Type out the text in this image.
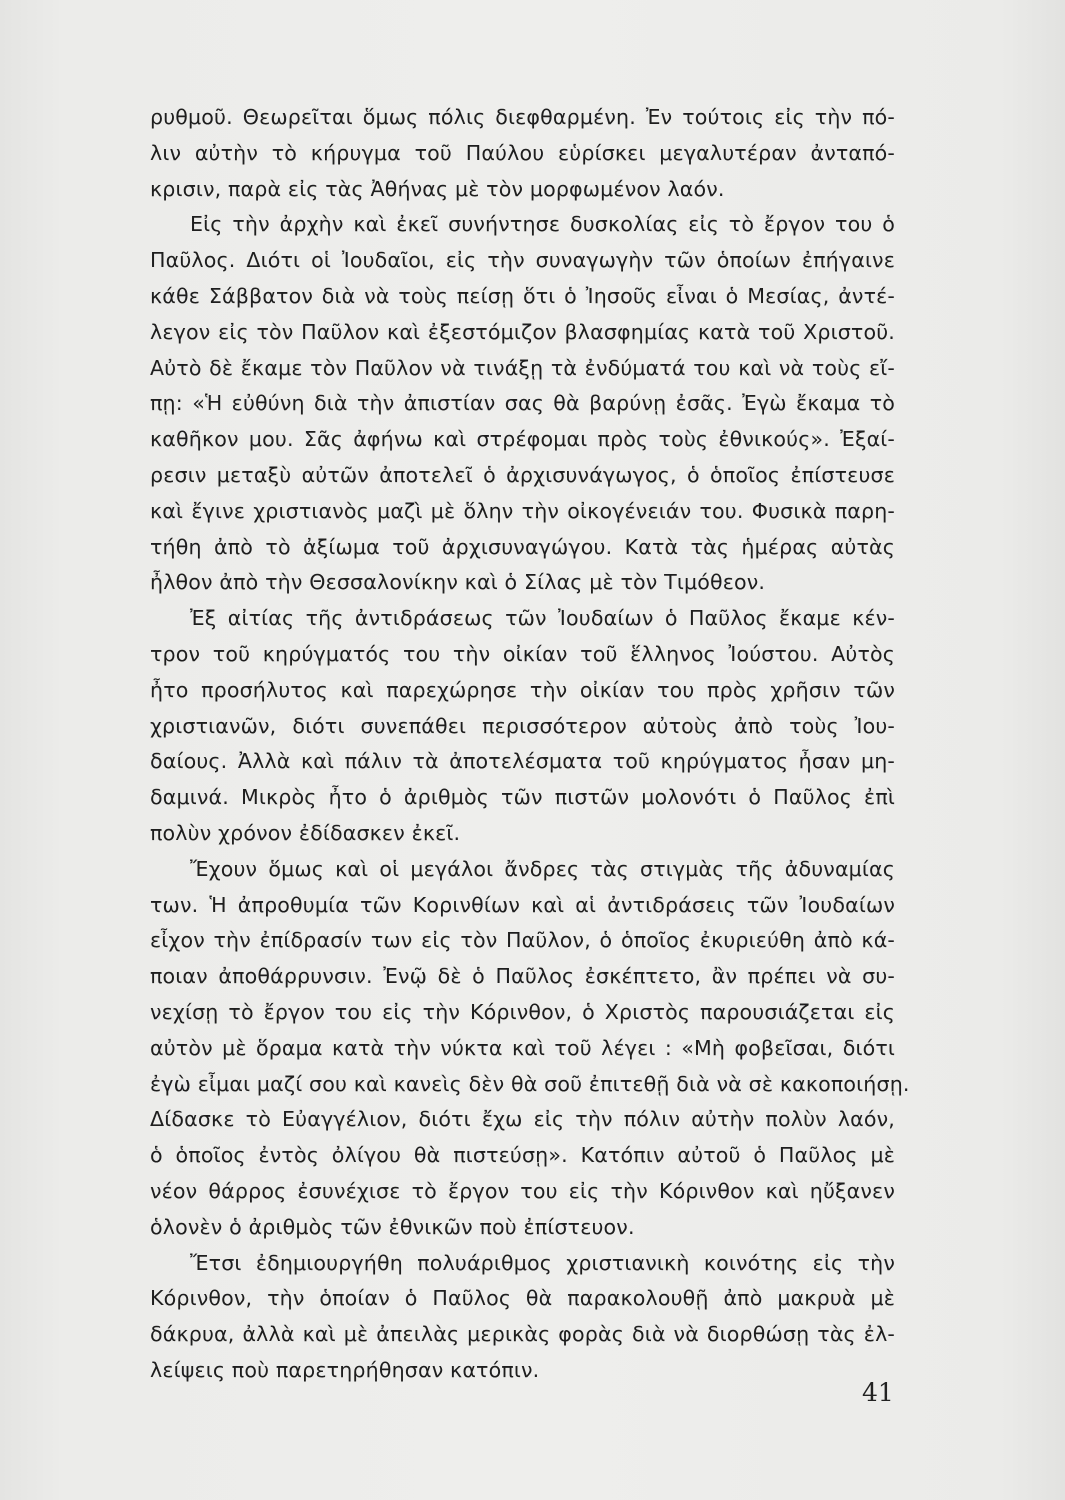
ρυθμοῦ. Θεωρεῖται ὅμως πόλις διεφθαρμένη. Ἐν τούτοις εἰς τὴν πό-
λιν αὐτὴν τὸ κήρυγμα τοῦ Παύλου εὑρίσκει μεγαλυτέραν ἀνταπό-
κρισιν, παρὰ εἰς τὰς Ἀθήνας μὲ τὸν μορφωμένον λαόν.
Εἰς τὴν ἀρχὴν καὶ ἐκεῖ συνήντησε δυσκολίας εἰς τὸ ἔργον του ὁ
Παῦλος. Διότι οἱ Ἰουδαῖοι, εἰς τὴν συναγωγὴν τῶν ὁποίων ἐπήγαινε
κάθε Σάββατον διὰ νὰ τοὺς πείσῃ ὅτι ὁ Ἰησοῦς εἶναι ὁ Μεσίας, ἀντέ-
λεγον εἰς τὸν Παῦλον καὶ ἐξεστόμιζον βλασφημίας κατὰ τοῦ Χριστοῦ.
Αὐτὸ δὲ ἔκαμε τὸν Παῦλον νὰ τινάξῃ τὰ ἐνδύματά του καὶ νὰ τοὺς εἴ-
πῃ: «Ἡ εὐθύνη διὰ τὴν ἀπιστίαν σας θὰ βαρύνῃ ἐσᾶς. Ἐγὼ ἔκαμα τὸ
καθῆκον μου. Σᾶς ἀφήνω καὶ στρέφομαι πρὸς τοὺς ἐθνικούς». Ἐξαί-
ρεσιν μεταξὺ αὐτῶν ἀποτελεῖ ὁ ἀρχισυνάγωγος, ὁ ὁποῖος ἐπίστευσε
καὶ ἔγινε χριστιανὸς μαζὶ μὲ ὅλην τὴν οἰκογένειάν του. Φυσικὰ παρη-
τήθη ἀπὸ τὸ ἀξίωμα τοῦ ἀρχισυναγώγου. Κατὰ τὰς ἡμέρας αὐτὰς
ἦλθον ἀπὸ τὴν Θεσσαλονίκην καὶ ὁ Σίλας μὲ τὸν Τιμόθεον.
Ἐξ αἰτίας τῆς ἀντιδράσεως τῶν Ἰουδαίων ὁ Παῦλος ἔκαμε κέν-
τρον τοῦ κηρύγματός του τὴν οἰκίαν τοῦ ἕλληνος Ἰούστου. Αὐτὸς
ἦτο προσήλυτος καὶ παρεχώρησε τὴν οἰκίαν του πρὸς χρῆσιν τῶν
χριστιανῶν, διότι συνεπάθει περισσότερον αὐτοὺς ἀπὸ τοὺς Ἰου-
δαίους. Ἀλλὰ καὶ πάλιν τὰ ἀποτελέσματα τοῦ κηρύγματος ἦσαν μη-
δαμινά. Μικρὸς ἦτο ὁ ἀριθμὸς τῶν πιστῶν μολονότι ὁ Παῦλος ἐπὶ
πολὺν χρόνον ἐδίδασκεν ἐκεῖ.
Ἔχουν ὅμως καὶ οἱ μεγάλοι ἄνδρες τὰς στιγμὰς τῆς ἀδυναμίας
των. Ἡ ἀπροθυμία τῶν Κορινθίων καὶ αἱ ἀντιδράσεις τῶν Ἰουδαίων
εἶχον τὴν ἐπίδρασίν των εἰς τὸν Παῦλον, ὁ ὁποῖος ἐκυριεύθη ἀπὸ κά-
ποιαν ἀποθάρρυνσιν. Ἐνῷ δὲ ὁ Παῦλος ἐσκέπτετο, ἂν πρέπει νὰ συ-
νεχίσῃ τὸ ἔργον του εἰς τὴν Κόρινθον, ὁ Χριστὸς παρουσιάζεται εἰς
αὐτὸν μὲ ὅραμα κατὰ τὴν νύκτα καὶ τοῦ λέγει : «Μὴ φοβεῖσαι, διότι
ἐγὼ εἶμαι μαζί σου καὶ κανεὶς δὲν θὰ σοῦ ἐπιτεθῇ διὰ νὰ σὲ κακοποιήσῃ.
Δίδασκε τὸ Εὐαγγέλιον, διότι ἔχω εἰς τὴν πόλιν αὐτὴν πολὺν λαόν,
ὁ ὁποῖος ἐντὸς ὀλίγου θὰ πιστεύσῃ». Κατόπιν αὐτοῦ ὁ Παῦλος μὲ
νέον θάρρος ἐσυνέχισε τὸ ἔργον του εἰς τὴν Κόρινθον καὶ ηὔξανεν
ὁλονὲν ὁ ἀριθμὸς τῶν ἐθνικῶν ποὺ ἐπίστευον.
Ἔτσι ἐδημιουργήθη πολυάριθμος χριστιανικὴ κοινότης εἰς τὴν
Κόρινθον, τὴν ὁποίαν ὁ Παῦλος θὰ παρακολουθῇ ἀπὸ μακρυὰ μὲ
δάκρυα, ἀλλὰ καὶ μὲ ἀπειλὰς μερικὰς φορὰς διὰ νὰ διορθώσῃ τὰς ἐλ-
λείψεις ποὺ παρετηρήθησαν κατόπιν.
41
